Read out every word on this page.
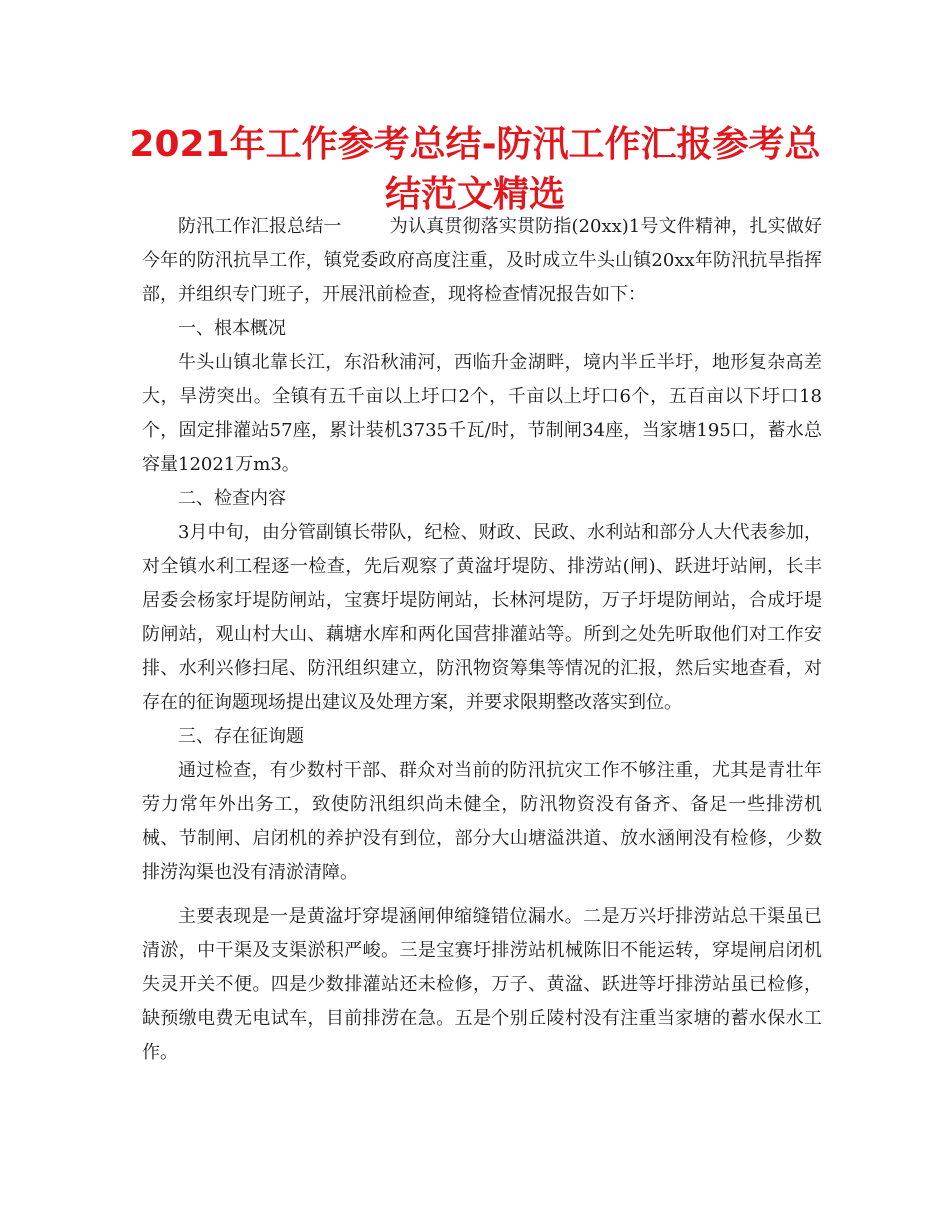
2021年工作参考总结-防汛工作汇报参考总结范文精选

防汛工作汇报总结一	为认真贯彻落实贯防指(20xx)1号文件精神，扎实做好今年的防汛抗旱工作，镇党委政府高度注重，及时成立牛头山镇20xx年防汛抗旱指挥部，并组织专门班子，开展汛前检查，现将检查情况报告如下：

一、根本概况

牛头山镇北靠长江，东沿秋浦河，西临升金湖畔，境内半丘半圩，地形复杂高差大，旱涝突出。全镇有五千亩以上圩口2个，千亩以上圩口6个，五百亩以下圩口18个，固定排灌站57座，累计装机3735千瓦/时，节制闸34座，当家塘195口，蓄水总容量12021万m3。

二、检查内容

3月中旬，由分管副镇长带队，纪检、财政、民政、水利站和部分人大代表参加，对全镇水利工程逐一检查，先后观察了黄湓圩堤防、排涝站(闸)、跃进圩站闸，长丰居委会杨家圩堤防闸站，宝赛圩堤防闸站，长林河堤防，万子圩堤防闸站，合成圩堤防闸站，观山村大山、藕塘水库和两化国营排灌站等。所到之处先听取他们对工作安排、水利兴修扫尾、防汛组织建立，防汛物资筹集等情况的汇报，然后实地查看，对存在的征询题现场提出建议及处理方案，并要求限期整改落实到位。

三、存在征询题

通过检查，有少数村干部、群众对当前的防汛抗灾工作不够注重，尤其是青壮年劳力常年外出务工，致使防汛组织尚未健全，防汛物资没有备齐、备足一些排涝机械、节制闸、启闭机的养护没有到位，部分大山塘溢洪道、放水涵闸没有检修，少数排涝沟渠也没有清淤清障。

主要表现是一是黄湓圩穿堤涵闸伸缩缝错位漏水。二是万兴圩排涝站总干渠虽已清淤，中干渠及支渠淤积严峻。三是宝赛圩排涝站机械陈旧不能运转，穿堤闸启闭机失灵开关不便。四是少数排灌站还未检修，万子、黄湓、跃进等圩排涝站虽已检修，缺预缴电费无电试车，目前排涝在急。五是个别丘陵村没有注重当家塘的蓄水保水工作。
